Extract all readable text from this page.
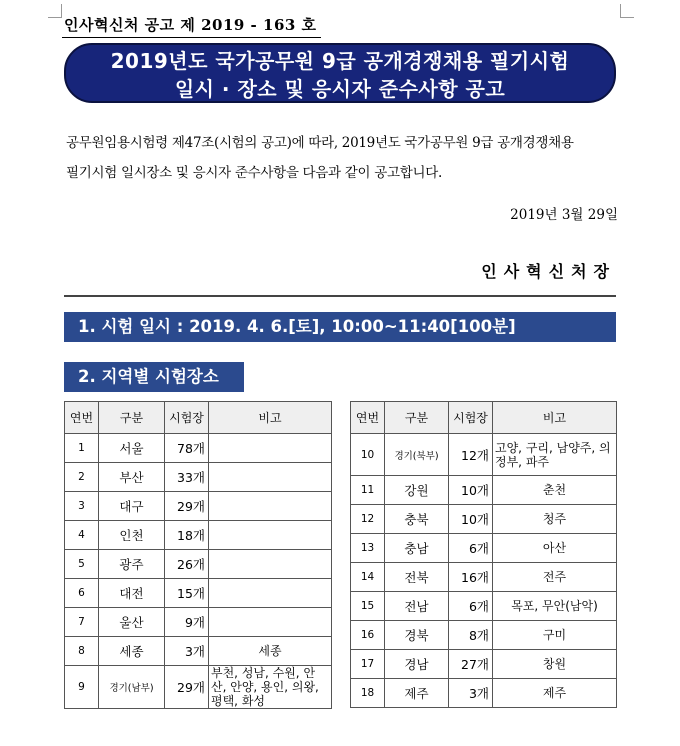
인사혁신처 공고 제 2019 - 163 호
2019년도 국가공무원 9급 공개경쟁채용 필기시험
일시 · 장소 및 응시자 준수사항 공고
공무원임용시험령 제47조(시험의 공고)에 따라, 2019년도 국가공무원 9급 공개경쟁채용
필기시험 일시장소 및 응시자 준수사항을 다음과 같이 공고합니다.
2019년 3월 29일
인사혁신처장
1. 시험 일시 : 2019. 4. 6.[토], 10:00~11:40[100분]
2. 지역별 시험장소
연번	구분	시험장	비고
1	서울	78개	
2	부산	33개	
3	대구	29개	
4	인천	18개	
5	광주	26개	
6	대전	15개	
7	울산	9개	
8	세종	3개	세종
9	경기(남부)	29개	부천, 성남, 수원, 안산, 안양, 용인, 의왕, 평택, 화성
연번	구분	시험장	비고
10	경기(북부)	12개	고양, 구리, 남양주, 의정부, 파주
11	강원	10개	춘천
12	충북	10개	청주
13	충남	6개	아산
14	전북	16개	전주
15	전남	6개	목포, 무안(남악)
16	경북	8개	구미
17	경남	27개	창원
18	제주	3개	제주
